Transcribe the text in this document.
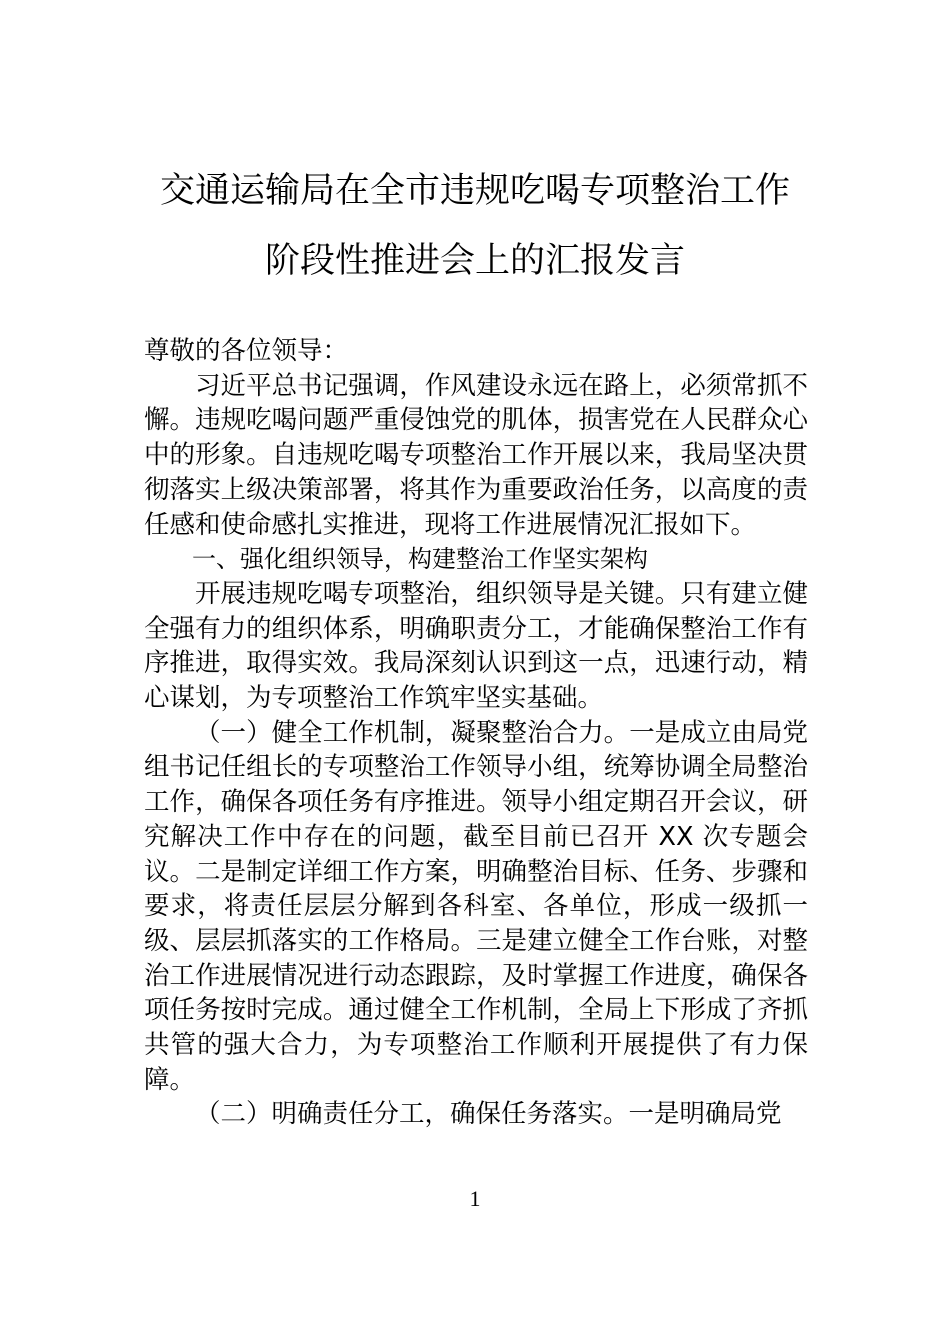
交通运输局在全市违规吃喝专项整治工作
阶段性推进会上的汇报发言

尊敬的各位领导：

习近平总书记强调，作风建设永远在路上，必须常抓不懈。违规吃喝问题严重侵蚀党的肌体，损害党在人民群众心中的形象。自违规吃喝专项整治工作开展以来，我局坚决贯彻落实上级决策部署，将其作为重要政治任务，以高度的责任感和使命感扎实推进，现将工作进展情况汇报如下。

一、强化组织领导，构建整治工作坚实架构

开展违规吃喝专项整治，组织领导是关键。只有建立健全强有力的组织体系，明确职责分工，才能确保整治工作有序推进，取得实效。我局深刻认识到这一点，迅速行动，精心谋划，为专项整治工作筑牢坚实基础。

（一）健全工作机制，凝聚整治合力。一是成立由局党组书记任组长的专项整治工作领导小组，统筹协调全局整治工作，确保各项任务有序推进。领导小组定期召开会议，研究解决工作中存在的问题，截至目前已召开 XX 次专题会议。二是制定详细工作方案，明确整治目标、任务、步骤和要求，将责任层层分解到各科室、各单位，形成一级抓一级、层层抓落实的工作格局。三是建立健全工作台账，对整治工作进展情况进行动态跟踪，及时掌握工作进度，确保各项任务按时完成。通过健全工作机制，全局上下形成了齐抓共管的强大合力，为专项整治工作顺利开展提供了有力保障。

（二）明确责任分工，确保任务落实。一是明确局党

1
